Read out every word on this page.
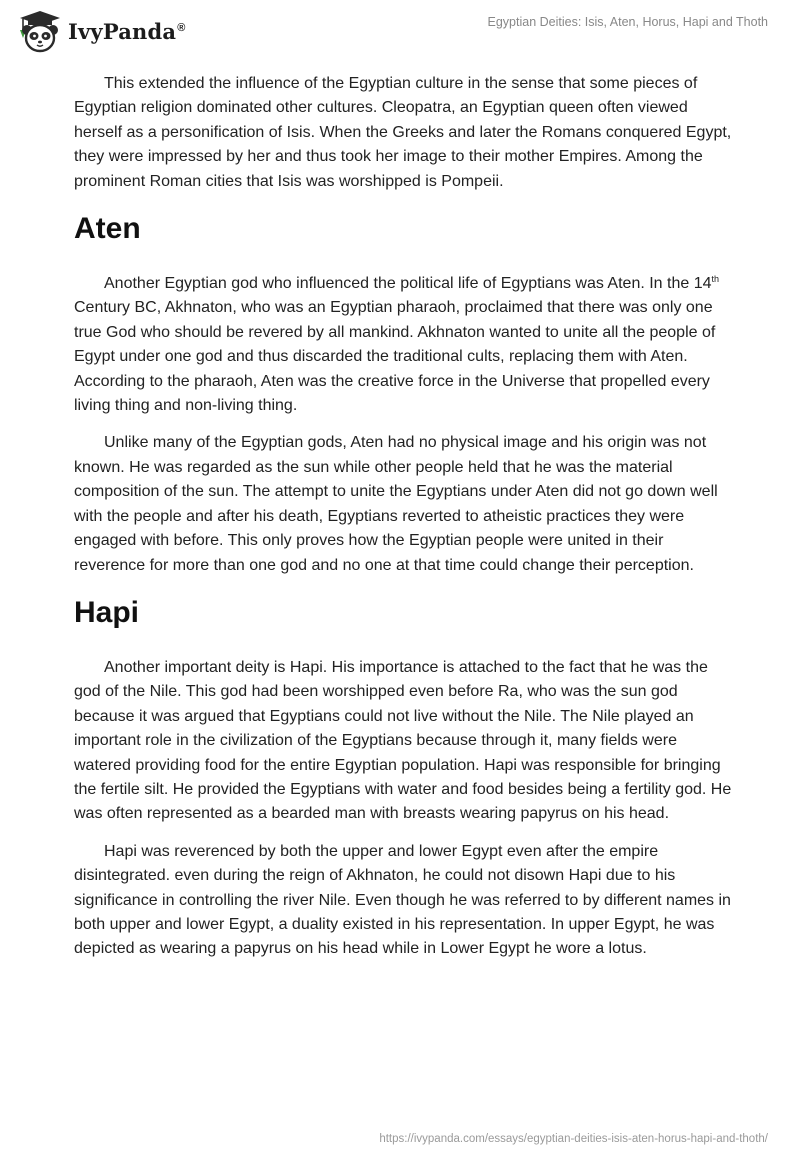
IvyPanda®	Egyptian Deities: Isis, Aten, Horus, Hapi and Thoth

This extended the influence of the Egyptian culture in the sense that some pieces of Egyptian religion dominated other cultures. Cleopatra, an Egyptian queen often viewed herself as a personification of Isis. When the Greeks and later the Romans conquered Egypt, they were impressed by her and thus took her image to their mother Empires. Among the prominent Roman cities that Isis was worshipped is Pompeii.

Aten

Another Egyptian god who influenced the political life of Egyptians was Aten. In the 14th Century BC, Akhnaton, who was an Egyptian pharaoh, proclaimed that there was only one true God who should be revered by all mankind. Akhnaton wanted to unite all the people of Egypt under one god and thus discarded the traditional cults, replacing them with Aten. According to the pharaoh, Aten was the creative force in the Universe that propelled every living thing and non-living thing.

Unlike many of the Egyptian gods, Aten had no physical image and his origin was not known. He was regarded as the sun while other people held that he was the material composition of the sun. The attempt to unite the Egyptians under Aten did not go down well with the people and after his death, Egyptians reverted to atheistic practices they were engaged with before. This only proves how the Egyptian people were united in their reverence for more than one god and no one at that time could change their perception.

Hapi

Another important deity is Hapi. His importance is attached to the fact that he was the god of the Nile. This god had been worshipped even before Ra, who was the sun god because it was argued that Egyptians could not live without the Nile. The Nile played an important role in the civilization of the Egyptians because through it, many fields were watered providing food for the entire Egyptian population. Hapi was responsible for bringing the fertile silt. He provided the Egyptians with water and food besides being a fertility god. He was often represented as a bearded man with breasts wearing papyrus on his head.

Hapi was reverenced by both the upper and lower Egypt even after the empire disintegrated. even during the reign of Akhnaton, he could not disown Hapi due to his significance in controlling the river Nile. Even though he was referred to by different names in both upper and lower Egypt, a duality existed in his representation. In upper Egypt, he was depicted as wearing a papyrus on his head while in Lower Egypt he wore a lotus.

https://ivypanda.com/essays/egyptian-deities-isis-aten-horus-hapi-and-thoth/
